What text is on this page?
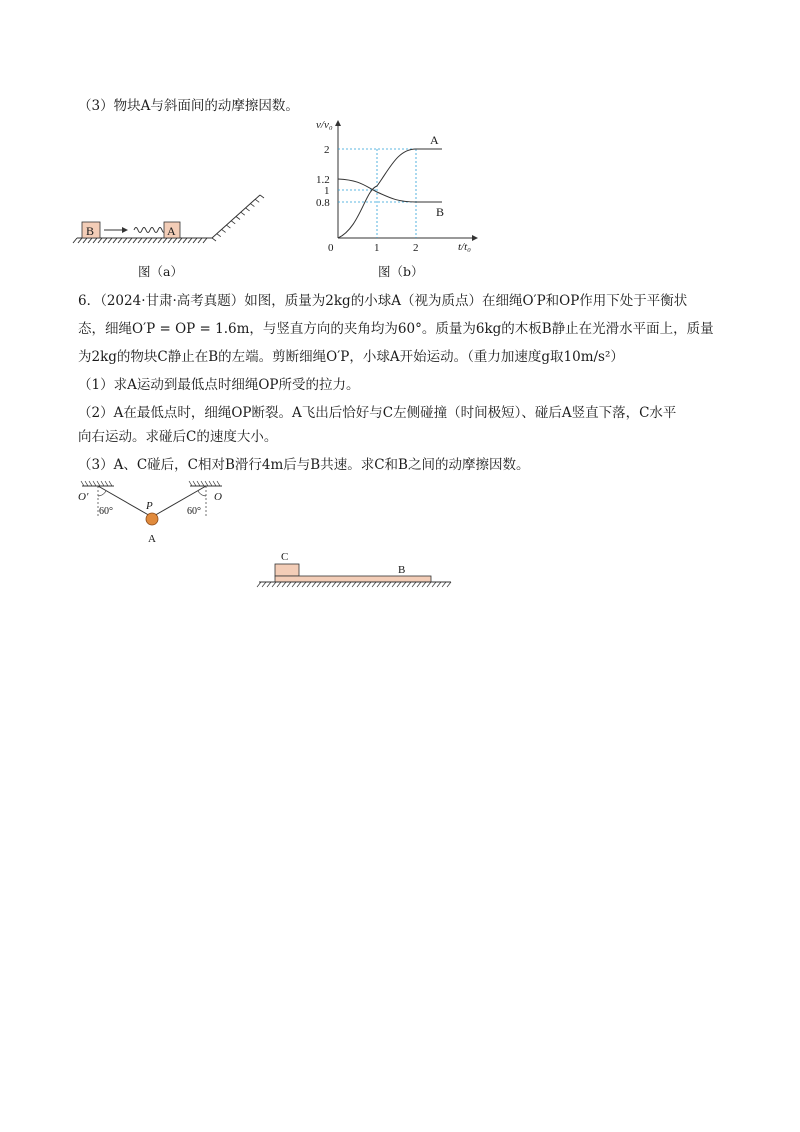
（3）物块A与斜面间的动摩擦因数。
B	A
图（a）
v/v₀
t/t₀
0
2
1.2
1
0.8
1	2
A
B
图（b）
6．（2024·甘肃·高考真题）如图，质量为2kg的小球A（视为质点）在细绳O′P和OP作用下处于平衡状
态，细绳O′P = OP = 1.6m，与竖直方向的夹角均为60°。质量为6kg的木板B静止在光滑水平面上，质量
为2kg的物块C静止在B的左端。剪断细绳O′P，小球A开始运动。（重力加速度g取10m/s²）
（1）求A运动到最低点时细绳OP所受的拉力。
（2）A在最低点时，细绳OP断裂。A飞出后恰好与C左侧碰撞（时间极短）、碰后A竖直下落，C水平
向右运动。求碰后C的速度大小。
（3）A、C碰后，C相对B滑行4m后与B共速。求C和B之间的动摩擦因数。
O′	O
60°	60°
P
A
C
B
